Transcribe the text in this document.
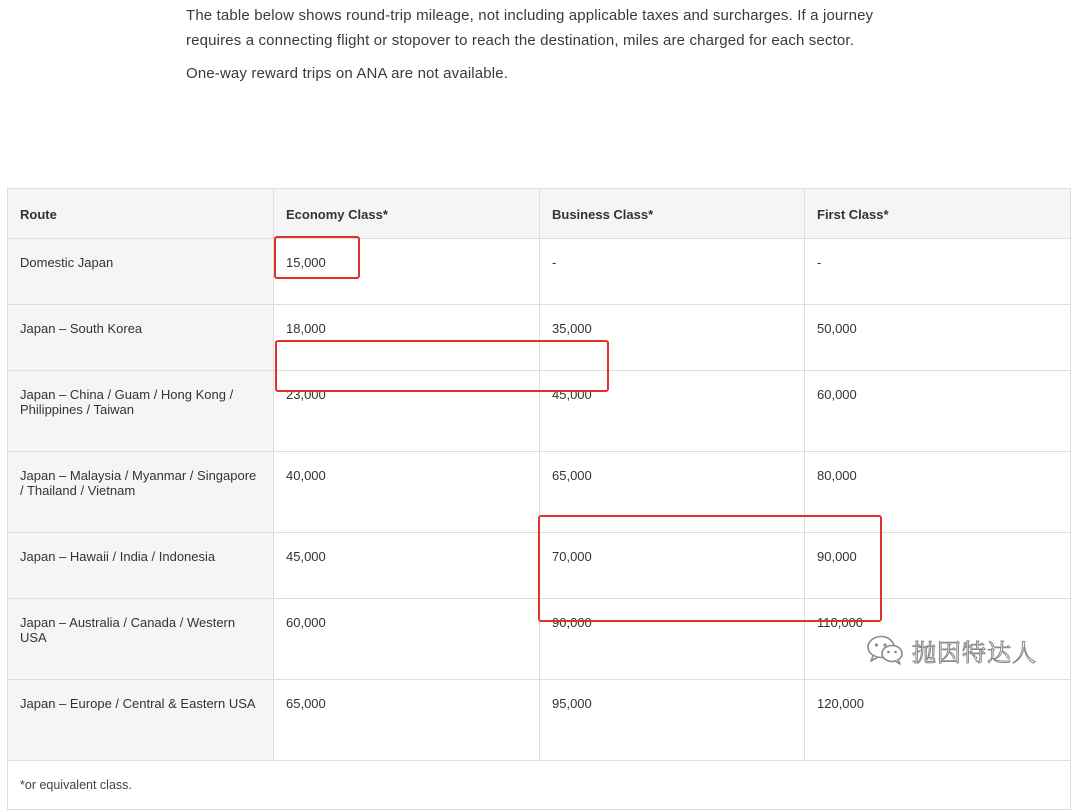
The table below shows round-trip mileage, not including applicable taxes and surcharges. If a journey requires a connecting flight or stopover to reach the destination, miles are charged for each sector.

One-way reward trips on ANA are not available.

Route	Economy Class*	Business Class*	First Class*
Domestic Japan	15,000	-	-
Japan – South Korea	18,000	35,000	50,000
Japan – China / Guam / Hong Kong / Philippines / Taiwan	23,000	45,000	60,000
Japan – Malaysia / Myanmar / Singapore / Thailand / Vietnam	40,000	65,000	80,000
Japan – Hawaii / India / Indonesia	45,000	70,000	90,000
Japan – Australia / Canada / Western USA	60,000	90,000	110,000
Japan – Europe / Central & Eastern USA	65,000	95,000	120,000
*or equivalent class.			
抛因特达人
